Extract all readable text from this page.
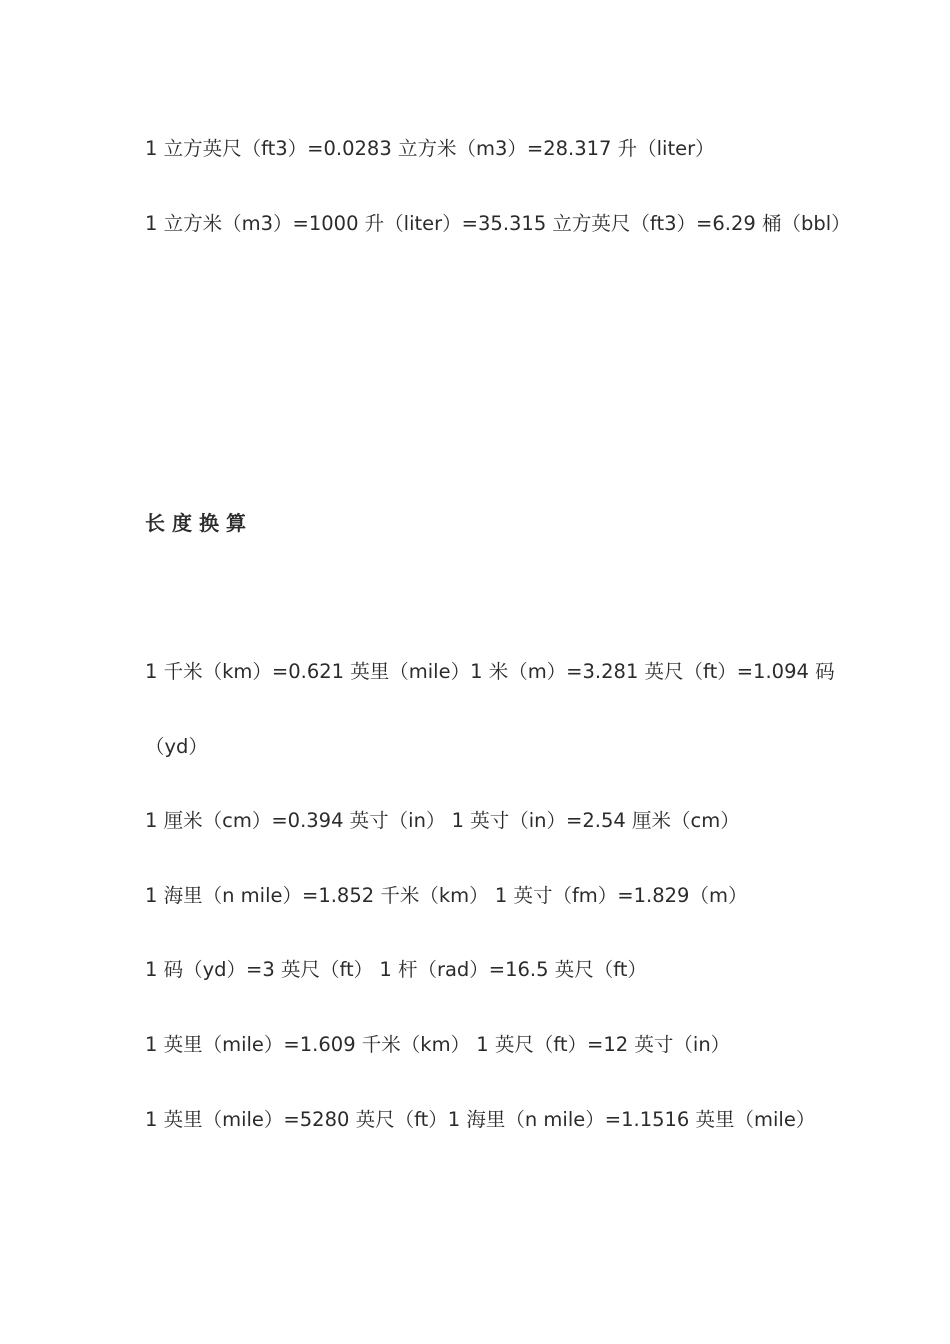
1 立方英尺（ft3）=0.0283 立方米（m3）=28.317 升（liter）
1 立方米（m3）=1000 升（liter）=35.315 立方英尺（ft3）=6.29 桶（bbl）
长度换算
1 千米（km）=0.621 英里（mile）1 米（m）=3.281 英尺（ft）=1.094 码
（yd）
1 厘米（cm）=0.394 英寸（in） 1 英寸（in）=2.54 厘米（cm）
1 海里（n mile）=1.852 千米（km） 1 英寸（fm）=1.829（m）
1 码（yd）=3 英尺（ft） 1 杆（rad）=16.5 英尺（ft）
1 英里（mile）=1.609 千米（km） 1 英尺（ft）=12 英寸（in）
1 英里（mile）=5280 英尺（ft）1 海里（n mile）=1.1516 英里（mile）
